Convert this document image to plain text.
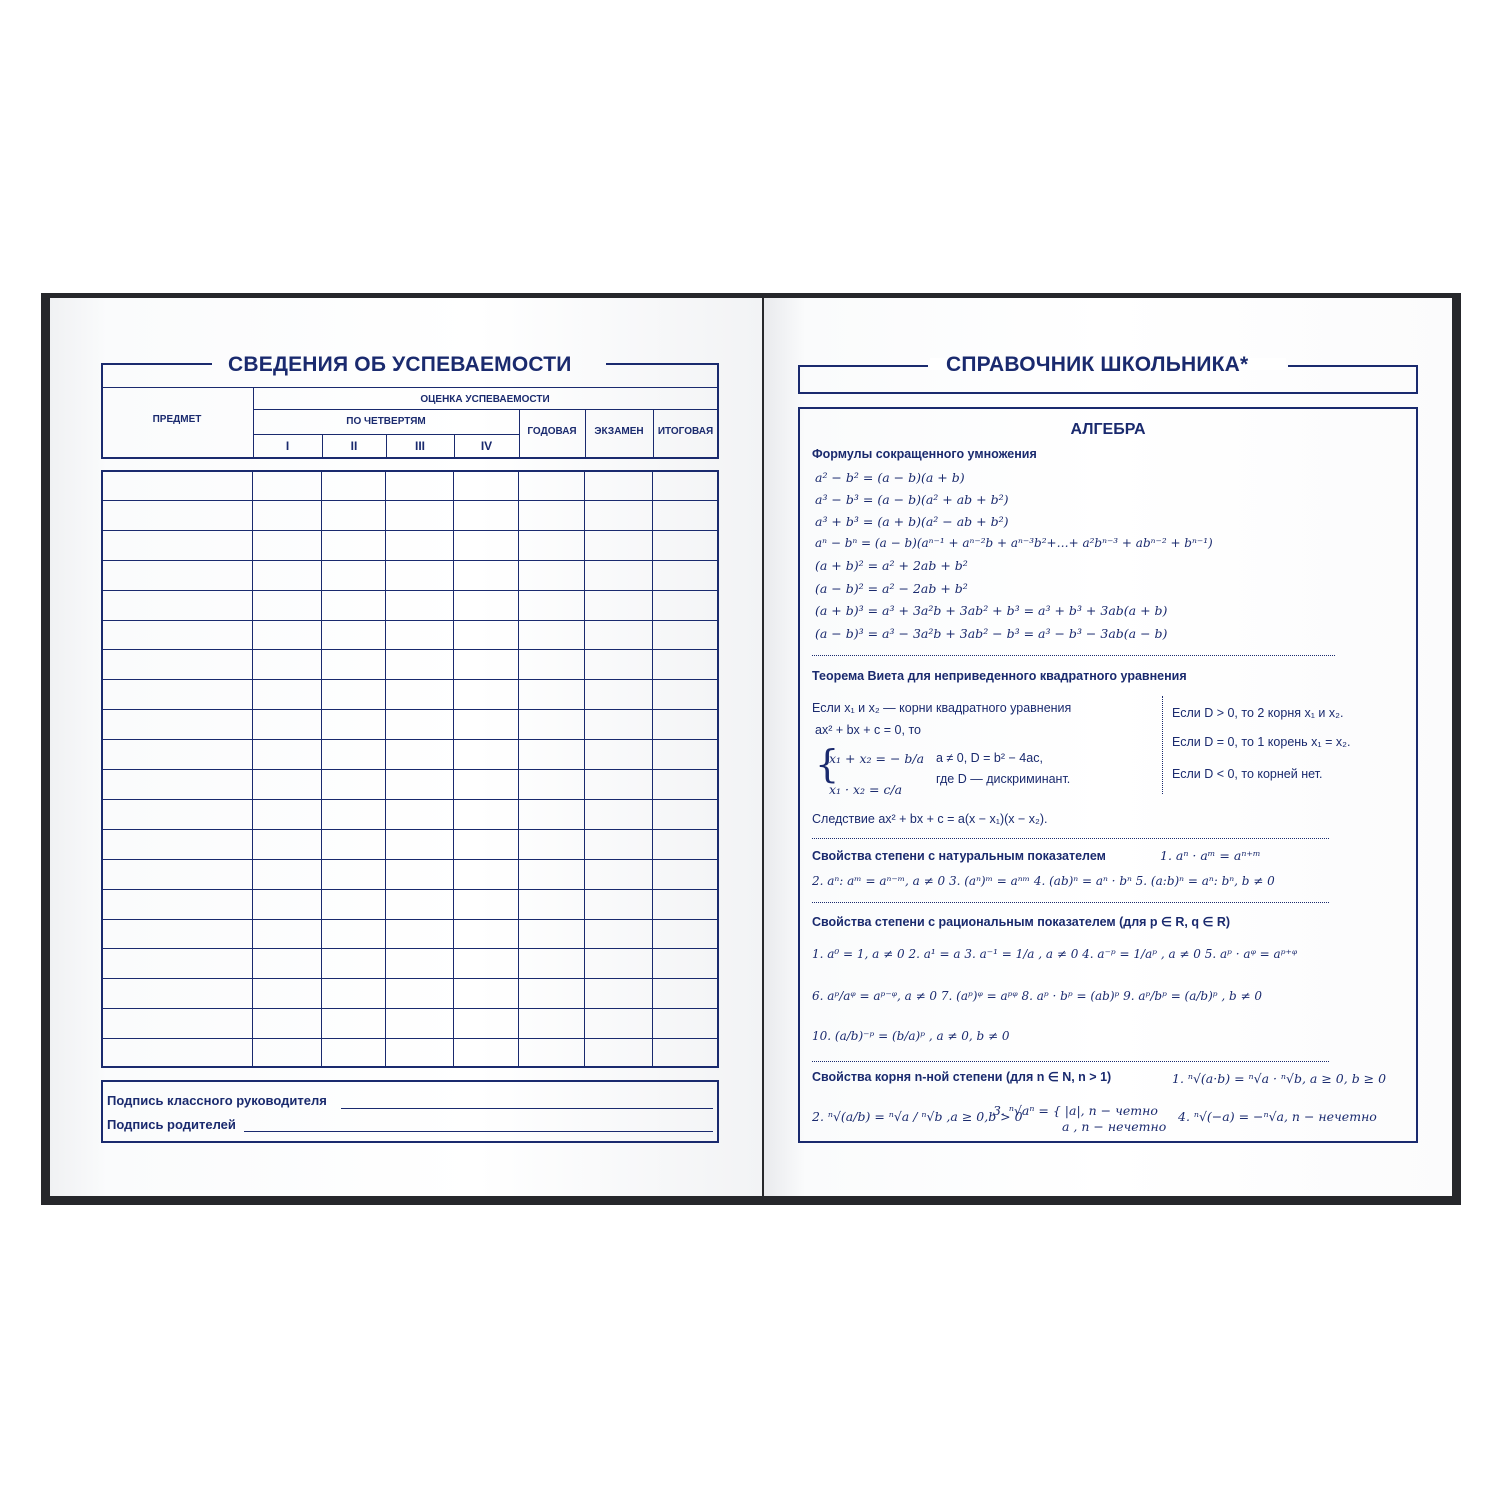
СВЕДЕНИЯ ОБ УСПЕВАЕМОСТИ
ПРЕДМЕТ
ОЦЕНКА УСПЕВАЕМОСТИ
ПО ЧЕТВЕРТЯМ
I	II	III	IV
ГОДОВАЯ	ЭКЗАМЕН	ИТОГОВАЯ
Подпись классного руководителя
Подпись родителей
СПРАВОЧНИК ШКОЛЬНИКА*
АЛГЕБРА
Формулы сокращенного умножения
a² − b² = (a − b)(a + b)
a³ − b³ = (a − b)(a² + ab + b²)
a³ + b³ = (a + b)(a² − ab + b²)
aⁿ − bⁿ = (a − b)(aⁿ⁻¹ + aⁿ⁻²b + aⁿ⁻³b²+…+ a²bⁿ⁻³ + abⁿ⁻² + bⁿ⁻¹)
(a + b)² = a² + 2ab + b²
(a − b)² = a² − 2ab + b²
(a + b)³ = a³ + 3a²b + 3ab² + b³ = a³ + b³ + 3ab(a + b)
(a − b)³ = a³ − 3a²b + 3ab² − b³ = a³ − b³ − 3ab(a − b)
Теорема Виета для неприведенного квадратного уравнения
Если x₁ и x₂ — корни квадратного уравнения
ax² + bx + c = 0, то
{
x₁ + x₂ = − b/a
x₁ · x₂ = c/a
a ≠ 0, D = b² − 4ac,
где D — дискриминант.
Если D > 0, то 2 корня x₁ и x₂.
Если D = 0, то 1 корень x₁ = x₂.
Если D < 0, то корней нет.
Следствие ax² + bx + c = a(x − x₁)(x − x₂).
Свойства степени с натуральным показателем	1. aⁿ · aᵐ = aⁿ⁺ᵐ
2. aⁿ: aᵐ = aⁿ⁻ᵐ, a ≠ 0 3. (aⁿ)ᵐ = aⁿᵐ 4. (ab)ⁿ = aⁿ · bⁿ 5. (a:b)ⁿ = aⁿ: bⁿ, b ≠ 0
Свойства степени с рациональным показателем (для p ∈ R, q ∈ R)
1. a⁰ = 1, a ≠ 0 2. a¹ = a 3. a⁻¹ = 1/a , a ≠ 0 4. a⁻ᵖ = 1/aᵖ , a ≠ 0 5. aᵖ · aᵠ = aᵖ⁺ᵠ
6. aᵖ/aᵠ = aᵖ⁻ᵠ, a ≠ 0 7. (aᵖ)ᵠ = aᵖᵠ 8. aᵖ · bᵖ = (ab)ᵖ 9. aᵖ/bᵖ = (a/b)ᵖ , b ≠ 0
10. (a/b)⁻ᵖ = (b/a)ᵖ , a ≠ 0, b ≠ 0
Свойства корня n-ной степени (для n ∈ N, n > 1)	1. ⁿ√(a·b) = ⁿ√a · ⁿ√b, a ≥ 0, b ≥ 0
2. ⁿ√(a/b) = ⁿ√a / ⁿ√b ,a ≥ 0,b > 0
3. ⁿ√aⁿ = { |a|, n − четно
a , n − нечетно
4. ⁿ√(−a) = −ⁿ√a, n − нечетно
